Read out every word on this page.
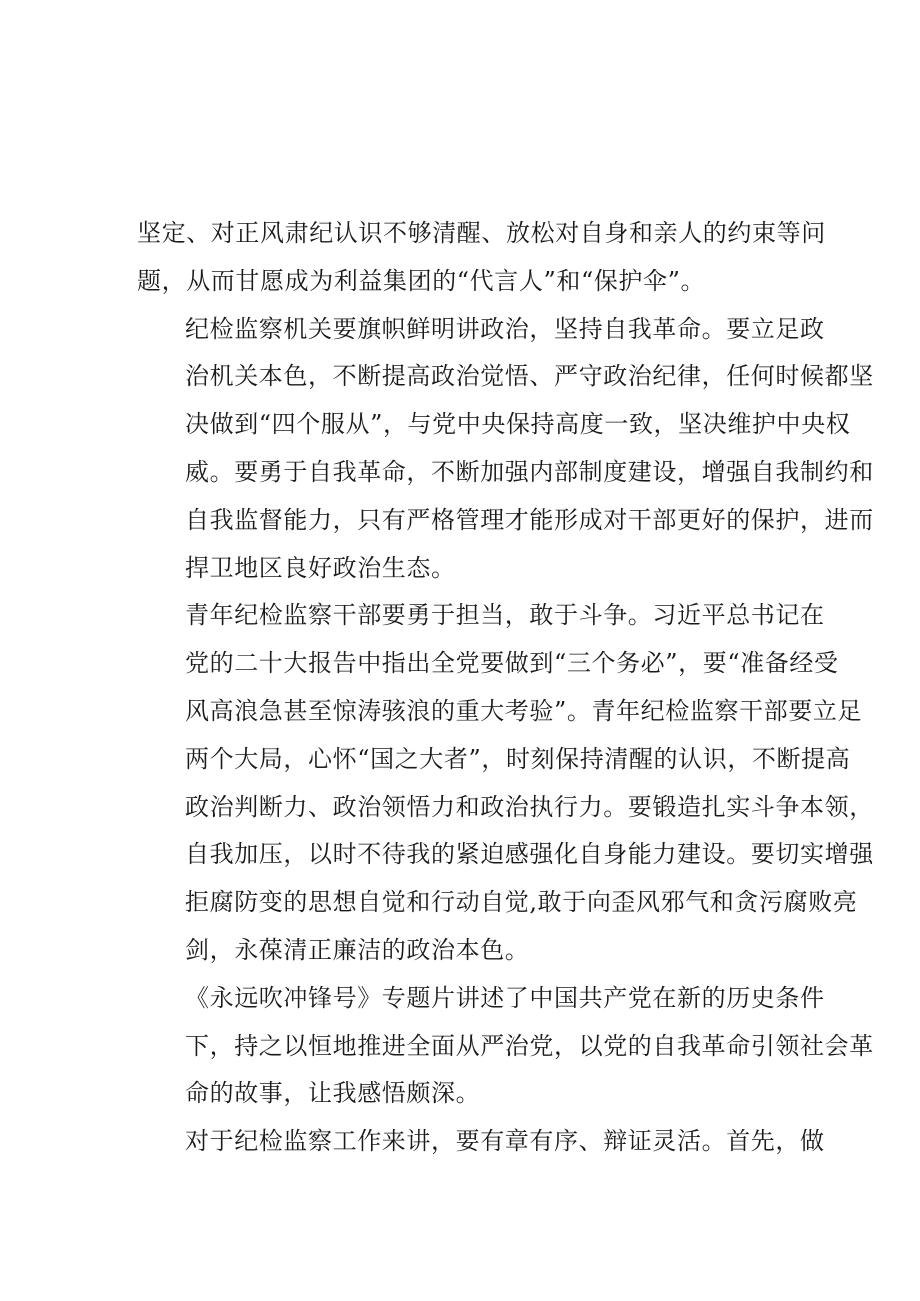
坚定、对正风肃纪认识不够清醒、放松对自身和亲人的约束等问
题，从而甘愿成为利益集团的“代言人”和“保护伞”。

纪检监察机关要旗帜鲜明讲政治，坚持自我革命。要立足政
治机关本色，不断提高政治觉悟、严守政治纪律，任何时候都坚
决做到“四个服从”，与党中央保持高度一致，坚决维护中央权
威。要勇于自我革命，不断加强内部制度建设，增强自我制约和
自我监督能力，只有严格管理才能形成对干部更好的保护，进而
捍卫地区良好政治生态。

青年纪检监察干部要勇于担当，敢于斗争。习近平总书记在
党的二十大报告中指出全党要做到“三个务必”，要“准备经受
风高浪急甚至惊涛骇浪的重大考验”。青年纪检监察干部要立足
两个大局，心怀“国之大者”，时刻保持清醒的认识，不断提高
政治判断力、政治领悟力和政治执行力。要锻造扎实斗争本领，
自我加压，以时不待我的紧迫感强化自身能力建设。要切实增强
拒腐防变的思想自觉和行动自觉,敢于向歪风邪气和贪污腐败亮
剑，永葆清正廉洁的政治本色。

《永远吹冲锋号》专题片讲述了中国共产党在新的历史条件
下，持之以恒地推进全面从严治党，以党的自我革命引领社会革
命的故事，让我感悟颇深。

对于纪检监察工作来讲，要有章有序、辩证灵活。首先，做
